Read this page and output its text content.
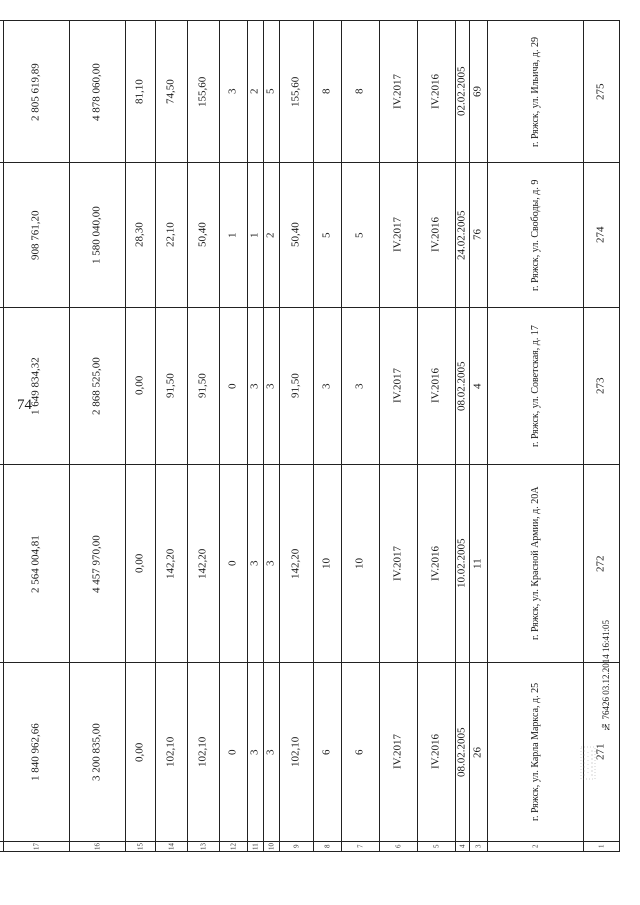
74
1	2	3	4	5	6	7	8	9	10	11	12	13	14	15	16	17				
271	г. Ряжск, ул. Карла Маркса, д. 25	26	08.02.2005	IV.2016	IV.2017	6	6	102,10	3	3	0	102,10	102,10	0,00	3 200 835,00	1 840 962,66				
272	г. Ряжск, ул. Красной Армии, д. 20А	11	10.02.2005	IV.2016	IV.2017	10	10	142,20	3	3	0	142,20	142,20	0,00	4 457 970,00	2 564 004,81				
273	г. Ряжск, ул. Советская, д. 17	4	08.02.2005	IV.2016	IV.2017	3	3	91,50	3	3	0	91,50	91,50	0,00	2 868 525,00	1 649 834,32				
274	г. Ряжск, ул. Свободы, д. 9	76	24.02.2005	IV.2016	IV.2017	5	5	50,40	2	1	1	50,40	22,10	28,30	1 580 040,00	908 761,20				
275	г. Ряжск, ул. Ильича, д. 29	69	02.02.2005	IV.2016	IV.2017	8	8	155,60	5	2	3	155,60	74,50	81,10	4 878 060,00	2 805 619,89				
№ 76426 03.12.2014 16:41:05
